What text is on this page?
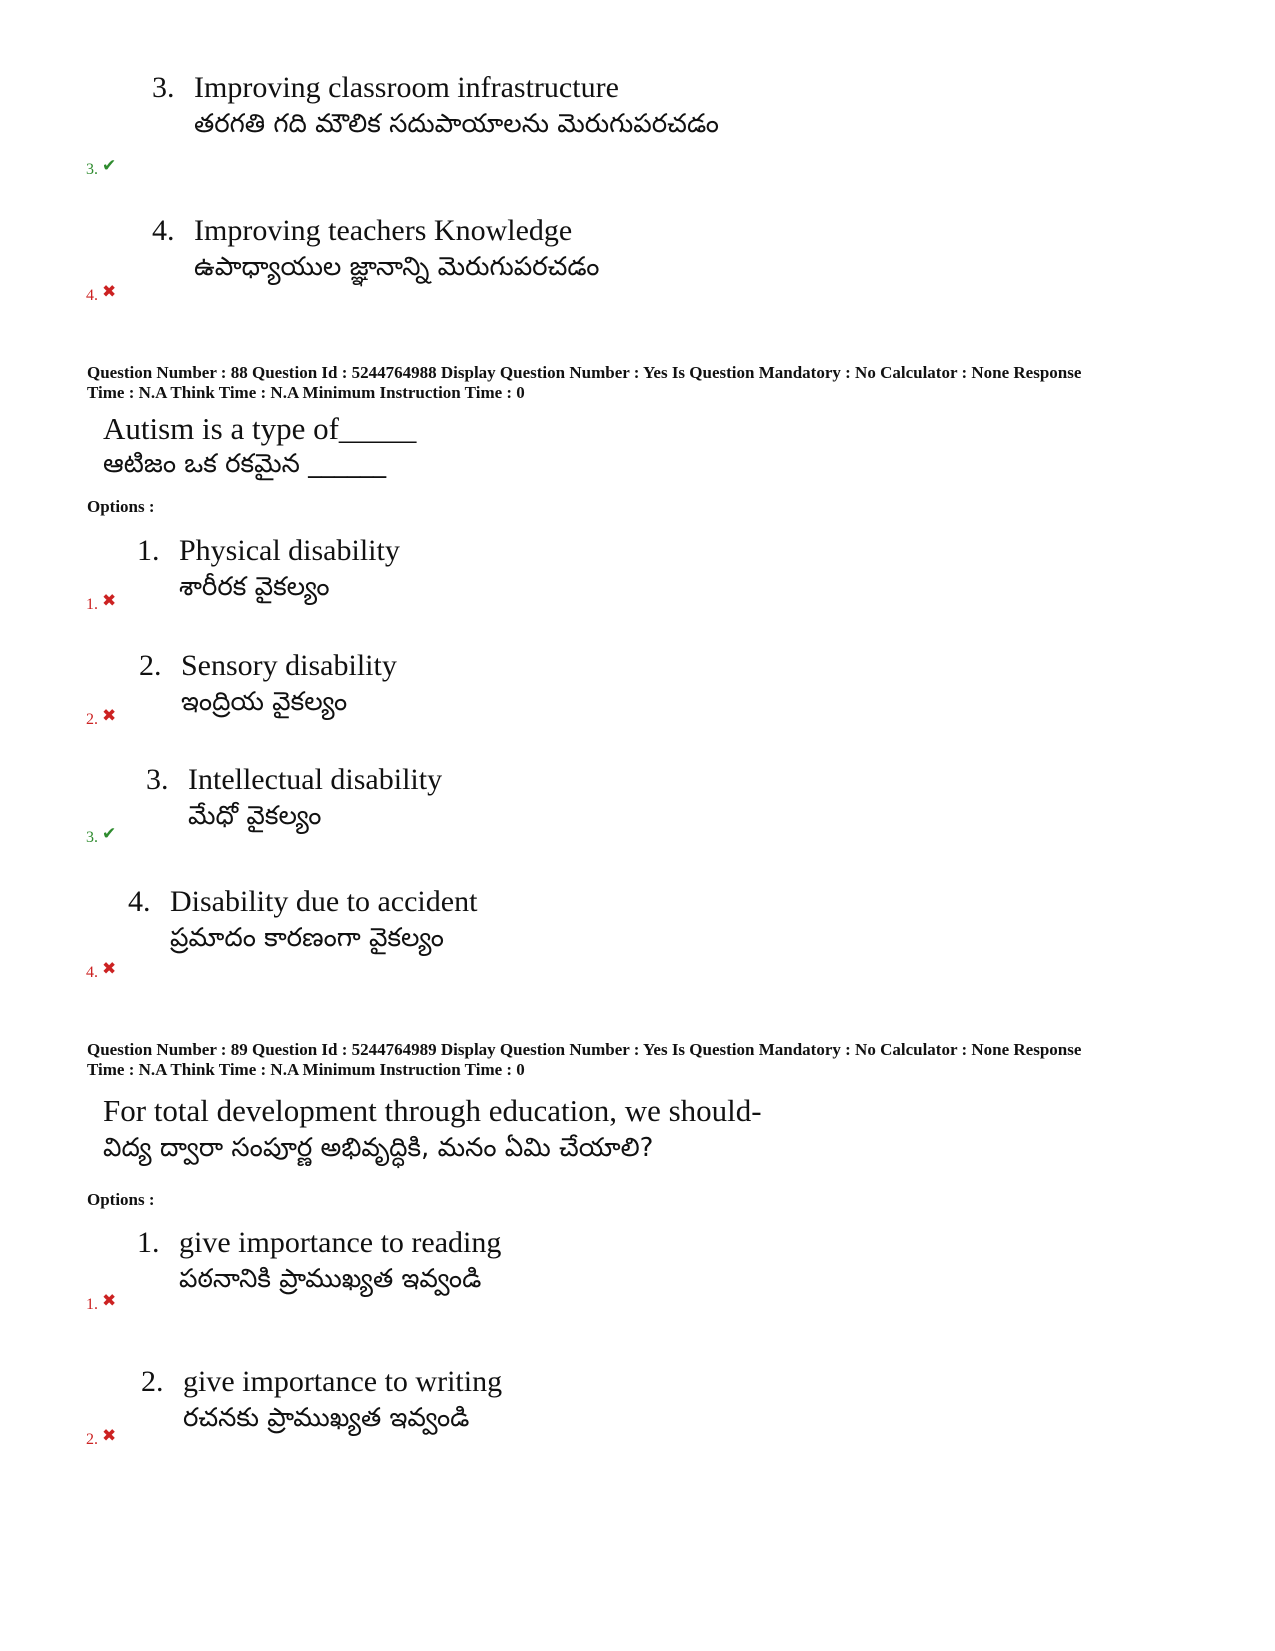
3. Improving classroom infrastructure
తరగతి గది మౌలిక సదుపాయాలను మెరుగుపరచడం
3. ✔
4. Improving teachers Knowledge
ఉపాధ్యాయుల జ్ఞానాన్ని మెరుగుపరచడం
4. ✖
Question Number : 88 Question Id : 5244764988 Display Question Number : Yes Is Question Mandatory : No Calculator : None Response
Time : N.A Think Time : N.A Minimum Instruction Time : 0
Autism is a type of_____
ఆటిజం ఒక రకమైన ______
Options :
1. Physical disability
శారీరక వైకల్యం
1. ✖
2. Sensory disability
ఇంద్రియ వైకల్యం
2. ✖
3. Intellectual disability
మేధో వైకల్యం
3. ✔
4. Disability due to accident
ప్రమాదం కారణంగా వైకల్యం
4. ✖
Question Number : 89 Question Id : 5244764989 Display Question Number : Yes Is Question Mandatory : No Calculator : None Response
Time : N.A Think Time : N.A Minimum Instruction Time : 0
For total development through education, we should-
విద్య ద్వారా సంపూర్ణ అభివృద్ధికి, మనం ఏమి చేయాలి?
Options :
1. give importance to reading
పఠనానికి ప్రాముఖ్యత ఇవ్వండి
1. ✖
2. give importance to writing
రచనకు ప్రాముఖ్యత ఇవ్వండి
2. ✖
